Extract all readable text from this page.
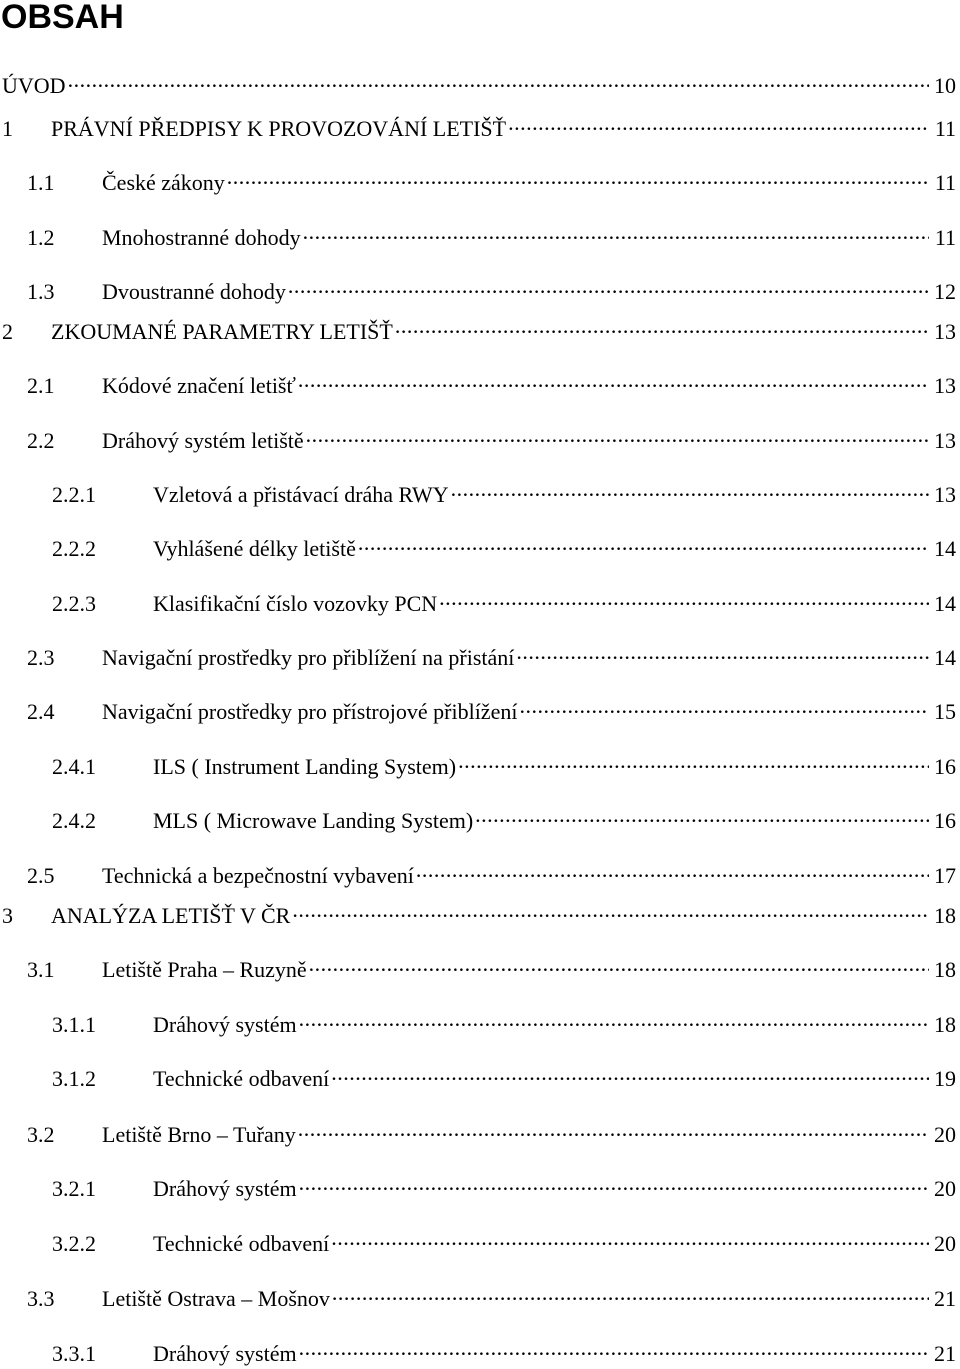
OBSAH
ÚVOD .....	10
1	PRÁVNÍ PŘEDPISY K PROVOZOVÁNÍ LETIŠŤ .....	11
1.1	České zákony .....	11
1.2	Mnohostranné dohody .....	11
1.3	Dvoustranné dohody .....	12
2	ZKOUMANÉ PARAMETRY LETIŠŤ .....	13
2.1	Kódové značení letišť .....	13
2.2	Dráhový systém letiště .....	13
2.2.1	Vzletová a přistávací dráha RWY .....	13
2.2.2	Vyhlášené délky letiště .....	14
2.2.3	Klasifikační číslo vozovky PCN .....	14
2.3	Navigační prostředky pro přiblížení na přistání .....	14
2.4	Navigační prostředky pro přístrojové přiblížení .....	15
2.4.1	ILS ( Instrument Landing System) .....	16
2.4.2	MLS ( Microwave Landing System) .....	16
2.5	Technická a bezpečnostní vybavení .....	17
3	ANALÝZA LETIŠŤ V ČR .....	18
3.1	Letiště Praha – Ruzyně .....	18
3.1.1	Dráhový systém .....	18
3.1.2	Technické odbavení .....	19
3.2	Letiště Brno – Tuřany .....	20
3.2.1	Dráhový systém .....	20
3.2.2	Technické odbavení .....	20
3.3	Letiště Ostrava – Mošnov .....	21
3.3.1	Dráhový systém .....	21
